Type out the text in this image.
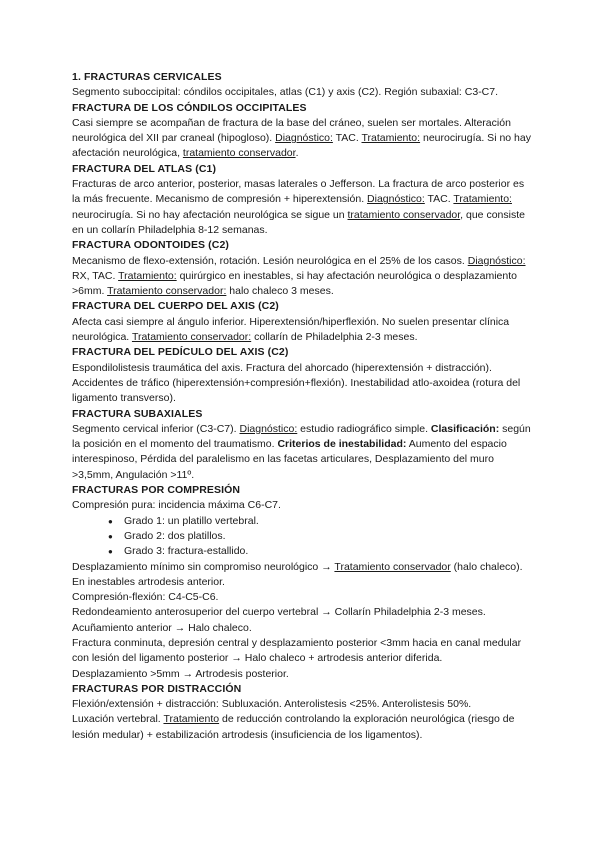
1. FRACTURAS CERVICALES

Segmento suboccipital: cóndilos occipitales, atlas (C1) y axis (C2). Región subaxial: C3-C7.

FRACTURA DE LOS CÓNDILOS OCCIPITALES

Casi siempre se acompañan de fractura de la base del cráneo, suelen ser mortales. Alteración neurológica del XII par craneal (hipogloso). Diagnóstico: TAC. Tratamiento: neurocirugía. Si no hay afectación neurológica, tratamiento conservador.

FRACTURA DEL ATLAS (C1)

Fracturas de arco anterior, posterior, masas laterales o Jefferson. La fractura de arco posterior es la más frecuente. Mecanismo de compresión + hiperextensión. Diagnóstico: TAC. Tratamiento: neurocirugía. Si no hay afectación neurológica se sigue un tratamiento conservador, que consiste en un collarín Philadelphia 8-12 semanas.

FRACTURA ODONTOIDES (C2)

Mecanismo de flexo-extensión, rotación. Lesión neurológica en el 25% de los casos. Diagnóstico: RX, TAC. Tratamiento: quirúrgico en inestables, si hay afectación neurológica o desplazamiento >6mm. Tratamiento conservador: halo chaleco 3 meses.

FRACTURA DEL CUERPO DEL AXIS (C2)

Afecta casi siempre al ángulo inferior. Hiperextensión/hiperflexión. No suelen presentar clínica neurológica. Tratamiento conservador: collarín de Philadelphia 2-3 meses.

FRACTURA DEL PEDÍCULO DEL AXIS (C2)

Espondilolistesis traumática del axis. Fractura del ahorcado (hiperextensión + distracción). Accidentes de tráfico (hiperextensión+compresión+flexión). Inestabilidad atlo-axoidea (rotura del ligamento transverso).

FRACTURA SUBAXIALES

Segmento cervical inferior (C3-C7). Diagnóstico: estudio radiográfico simple. Clasificación: según la posición en el momento del traumatismo. Criterios de inestabilidad: Aumento del espacio interespinoso, Pérdida del paralelismo en las facetas articulares, Desplazamiento del muro >3,5mm, Angulación >11º.

FRACTURAS POR COMPRESIÓN

Compresión pura: incidencia máxima C6-C7.

● Grado 1: un platillo vertebral.
● Grado 2: dos platillos.
● Grado 3: fractura-estallido.

Desplazamiento mínimo sin compromiso neurológico → Tratamiento conservador (halo chaleco).

En inestables artrodesis anterior.

Compresión-flexión: C4-C5-C6.

Redondeamiento anterosuperior del cuerpo vertebral → Collarín Philadelphia 2-3 meses.

Acuñamiento anterior → Halo chaleco.

Fractura conminuta, depresión central y desplazamiento posterior <3mm hacia en canal medular con lesión del ligamento posterior → Halo chaleco + artrodesis anterior diferida.

Desplazamiento >5mm → Artrodesis posterior.

FRACTURAS POR DISTRACCIÓN

Flexión/extensión + distracción: Subluxación. Anterolistesis <25%. Anterolistesis 50%.

Luxación vertebral. Tratamiento de reducción controlando la exploración neurológica (riesgo de lesión medular) + estabilización artrodesis (insuficiencia de los ligamentos).
